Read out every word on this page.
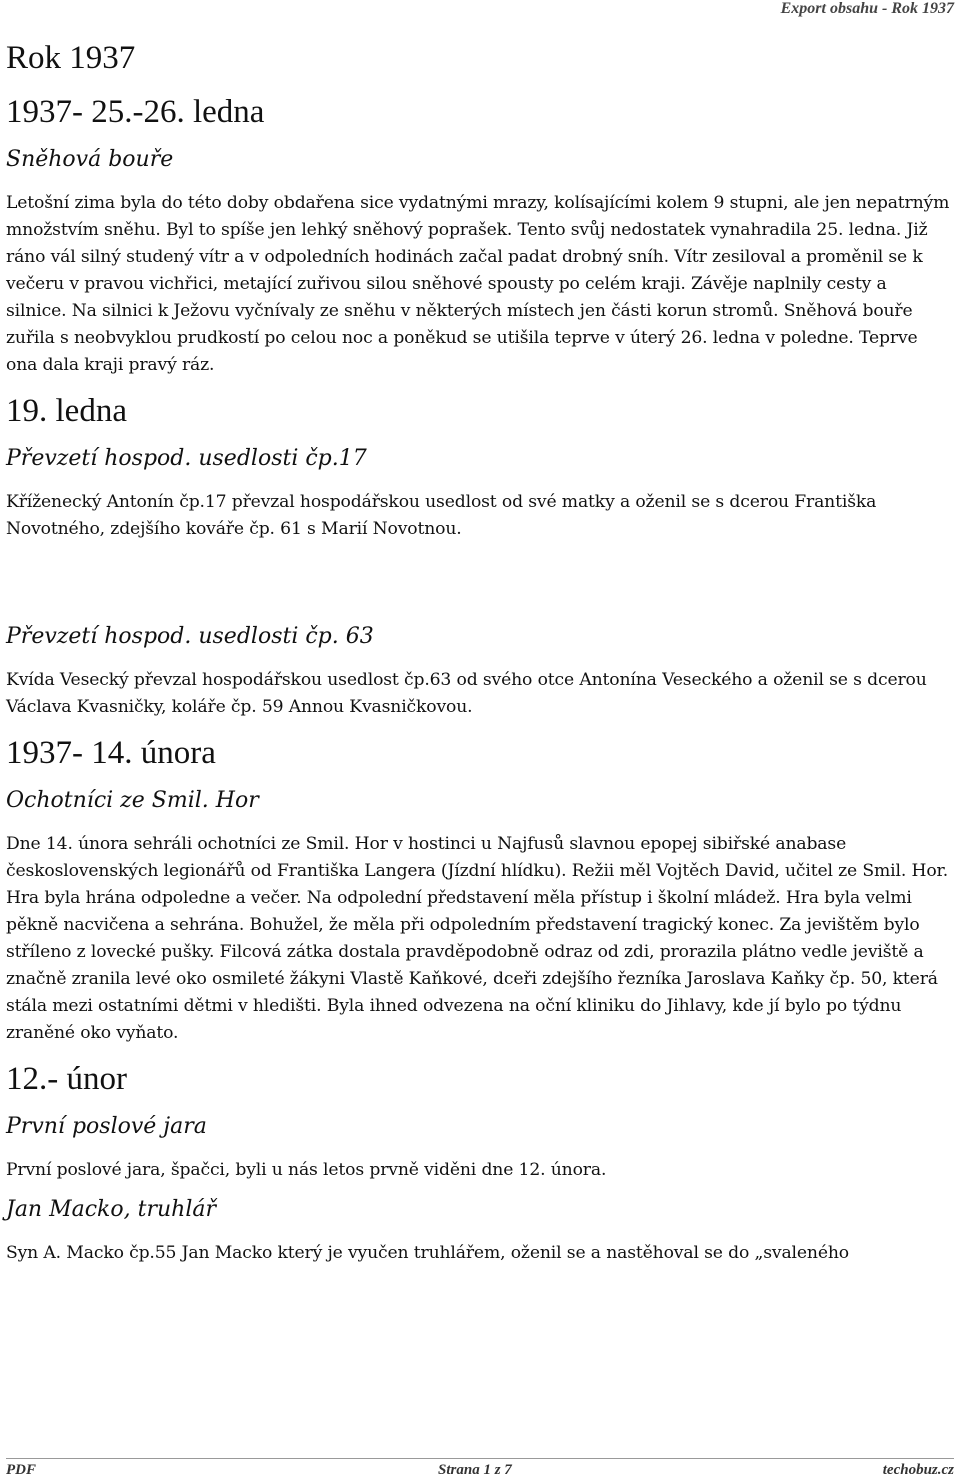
Export obsahu - Rok 1937
Rok 1937
1937- 25.-26. ledna
Sněhová bouře

Letošní zima byla do této doby obdařena sice vydatnými mrazy, kolísajícími kolem 9 stupni, ale jen nepatrným množstvím sněhu. Byl to spíše jen lehký sněhový poprašek. Tento svůj nedostatek vynahradila 25. ledna. Již ráno vál silný studený vítr a v odpoledních hodinách začal padat drobný sníh. Vítr zesiloval a proměnil se k večeru v pravou vichřici, metající zuřivou silou sněhové spousty po celém kraji. Závěje naplnily cesty a silnice. Na silnici k Ježovu vyčnívaly ze sněhu v některých místech jen části korun stromů. Sněhová bouře zuřila s neobvyklou prudkostí po celou noc a poněkud se utišila teprve v úterý 26. ledna v poledne. Teprve ona dala kraji pravý ráz.

19. ledna
Převzetí hospod. usedlosti čp.17

Kříženecký Antonín čp.17 převzal hospodářskou usedlost od své matky a oženil se s dcerou Františka Novotného, zdejšího kováře čp. 61 s Marií Novotnou.

Převzetí hospod. usedlosti čp. 63

Kvída Vesecký převzal hospodářskou usedlost čp.63 od svého otce Antonína Veseckého a oženil se s dcerou Václava Kvasničky, koláře čp. 59 Annou Kvasničkovou.

1937- 14. února
Ochotníci ze Smil. Hor

Dne 14. února sehráli ochotníci ze Smil. Hor v hostinci u Najfusů slavnou epopej sibiřské anabase československých legionářů od Františka Langera (Jízdní hlídku). Režii měl Vojtěch David, učitel ze Smil. Hor. Hra byla hrána odpoledne a večer. Na odpolední představení měla přístup i školní mládež. Hra byla velmi pěkně nacvičena a sehrána. Bohužel, že měla při odpoledním představení tragický konec. Za jevištěm bylo stříleno z lovecké pušky. Filcová zátka dostala pravděpodobně odraz od zdi, prorazila plátno vedle jeviště a značně zranila levé oko osmileté žákyni Vlastě Kaňkové, dceři zdejšího řezníka Jaroslava Kaňky čp. 50, která stála mezi ostatními dětmi v hledišti. Byla ihned odvezena na oční kliniku do Jihlavy, kde jí bylo po týdnu zraněné oko vyňato.

12.- únor
První poslové jara

První poslové jara, špačci, byli u nás letos prvně viděni dne 12. února.

Jan Macko, truhlář

Syn A. Macko čp.55 Jan Macko který je vyučen truhlářem, oženil se a nastěhoval se do „svaleného

PDF	Strana 1 z 7	techobuz.cz
